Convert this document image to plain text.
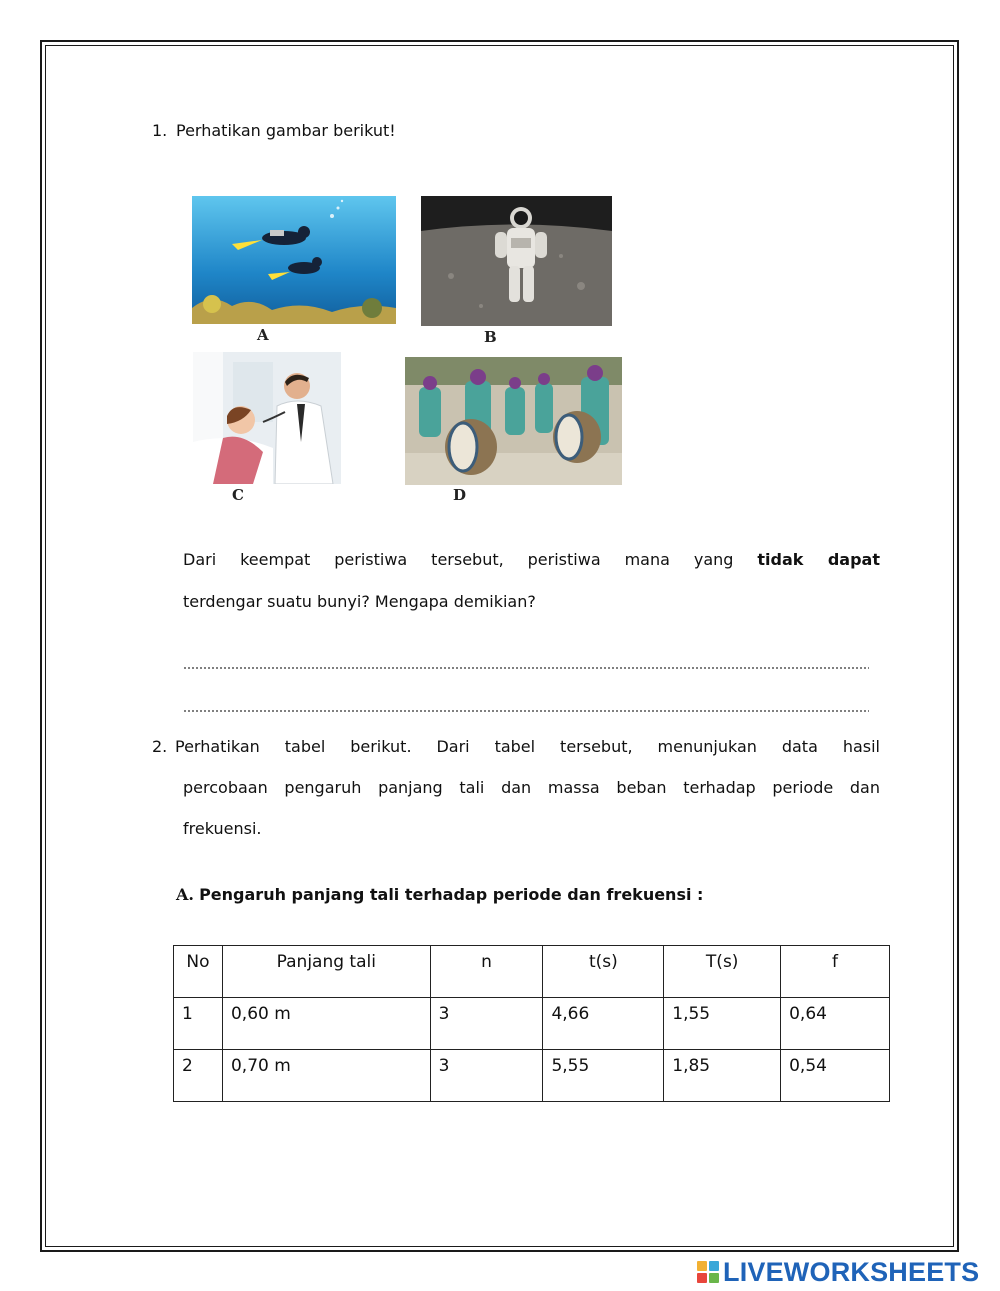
1. Perhatikan gambar berikut!
A	B
C	D
Dari keempat peristiwa tersebut, peristiwa mana yang tidak dapat
terdengar suatu bunyi? Mengapa demikian?
2. Perhatikan tabel berikut. Dari tabel tersebut, menunjukan data hasil
percobaan pengaruh panjang tali dan massa beban terhadap periode dan
frekuensi.
A. Pengaruh panjang tali terhadap periode dan frekuensi :
No	Panjang tali	n	t(s)	T(s)	f
1	0,60 m	3	4,66	1,55	0,64
2	0,70 m	3	5,55	1,85	0,54
LIVEWORKSHEETS
